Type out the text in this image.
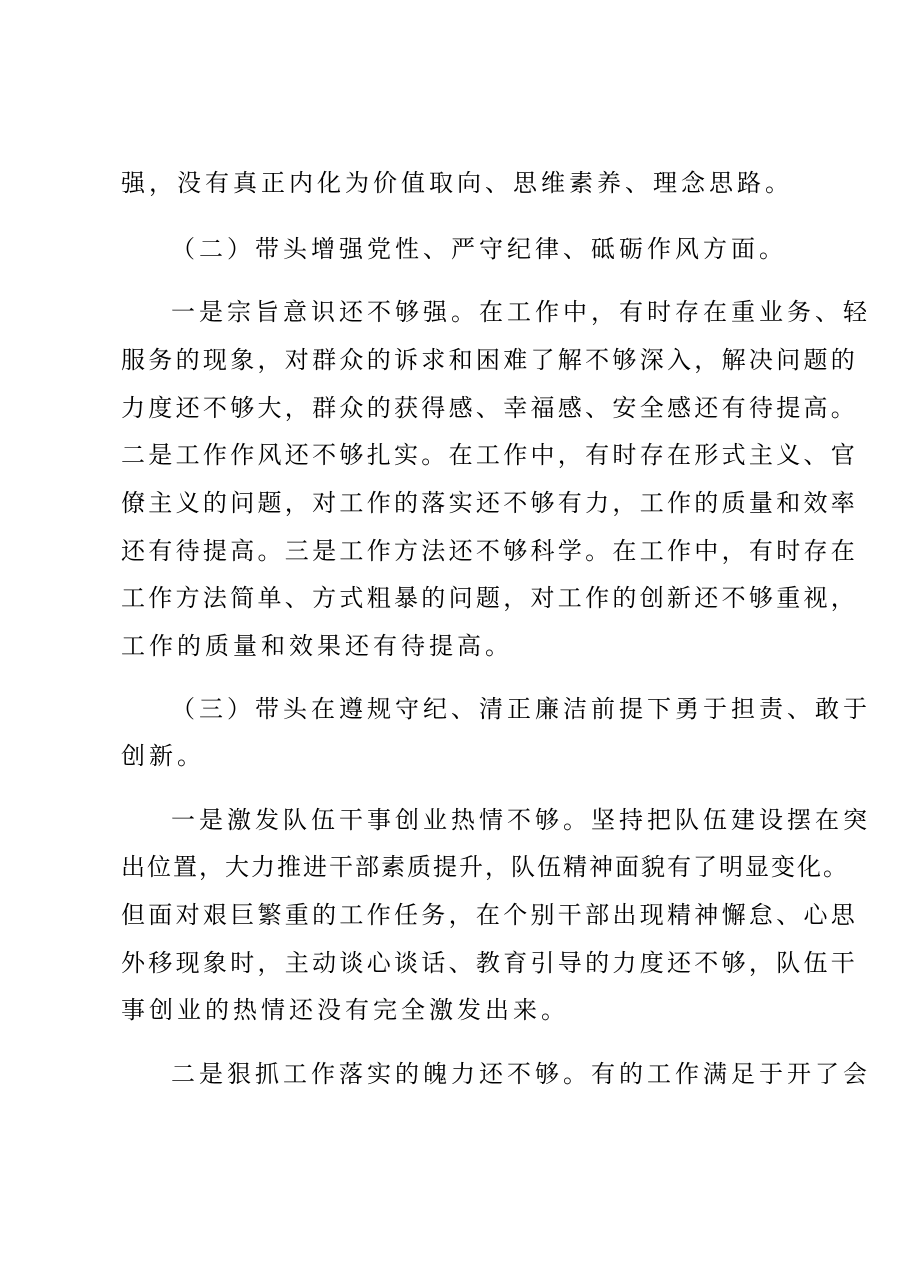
强，没有真正内化为价值取向、思维素养、理念思路。

（二）带头增强党性、严守纪律、砥砺作风方面。

一是宗旨意识还不够强。在工作中，有时存在重业务、轻

服务的现象，对群众的诉求和困难了解不够深入，解决问题的

力度还不够大，群众的获得感、幸福感、安全感还有待提高。

二是工作作风还不够扎实。在工作中，有时存在形式主义、官

僚主义的问题，对工作的落实还不够有力，工作的质量和效率

还有待提高。三是工作方法还不够科学。在工作中，有时存在

工作方法简单、方式粗暴的问题，对工作的创新还不够重视，

工作的质量和效果还有待提高。

（三）带头在遵规守纪、清正廉洁前提下勇于担责、敢于

创新。

一是激发队伍干事创业热情不够。坚持把队伍建设摆在突

出位置，大力推进干部素质提升，队伍精神面貌有了明显变化。

但面对艰巨繁重的工作任务，在个别干部出现精神懈怠、心思

外移现象时，主动谈心谈话、教育引导的力度还不够，队伍干

事创业的热情还没有完全激发出来。

二是狠抓工作落实的魄力还不够。有的工作满足于开了会
